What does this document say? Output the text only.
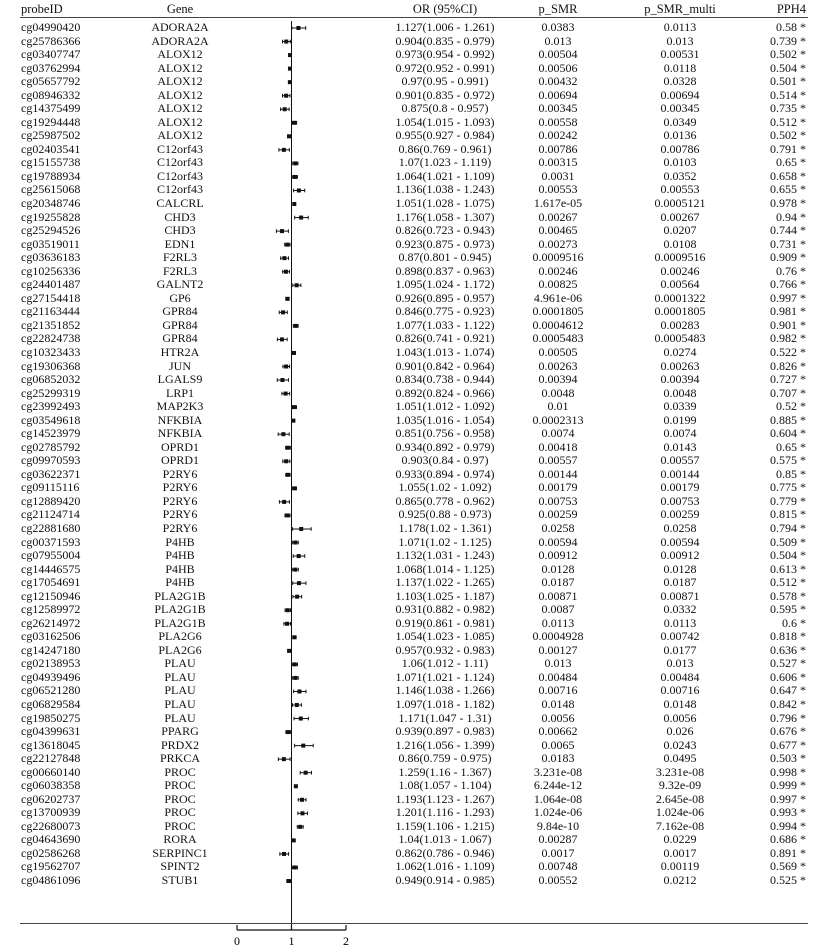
probeID	Gene	OR (95%CI)	p_SMR	p_SMR_multi	PPH4
cg04990420	ADORA2A	1.127(1.006 - 1.261)	0.0383	0.0113	0.58 *
cg25786366	ADORA2A	0.904(0.835 - 0.979)	0.013	0.013	0.739 *
cg03407747	ALOX12	0.973(0.954 - 0.992)	0.00504	0.00531	0.502 *
cg03762994	ALOX12	0.972(0.952 - 0.991)	0.00506	0.0118	0.504 *
cg05657792	ALOX12	0.97(0.95 - 0.991)	0.00432	0.0328	0.501 *
cg08946332	ALOX12	0.901(0.835 - 0.972)	0.00694	0.00694	0.514 *
cg14375499	ALOX12	0.875(0.8 - 0.957)	0.00345	0.00345	0.735 *
cg19294448	ALOX12	1.054(1.015 - 1.093)	0.00558	0.0349	0.512 *
cg25987502	ALOX12	0.955(0.927 - 0.984)	0.00242	0.0136	0.502 *
cg02403541	C12orf43	0.86(0.769 - 0.961)	0.00786	0.00786	0.791 *
cg15155738	C12orf43	1.07(1.023 - 1.119)	0.00315	0.0103	0.65 *
cg19788934	C12orf43	1.064(1.021 - 1.109)	0.0031	0.0352	0.658 *
cg25615068	C12orf43	1.136(1.038 - 1.243)	0.00553	0.00553	0.655 *
cg20348746	CALCRL	1.051(1.028 - 1.075)	1.617e-05	0.0005121	0.978 *
cg19255828	CHD3	1.176(1.058 - 1.307)	0.00267	0.00267	0.94 *
cg25294526	CHD3	0.826(0.723 - 0.943)	0.00465	0.0207	0.744 *
cg03519011	EDN1	0.923(0.875 - 0.973)	0.00273	0.0108	0.731 *
cg03636183	F2RL3	0.87(0.801 - 0.945)	0.0009516	0.0009516	0.909 *
cg10256336	F2RL3	0.898(0.837 - 0.963)	0.00246	0.00246	0.76 *
cg24401487	GALNT2	1.095(1.024 - 1.172)	0.00825	0.00564	0.766 *
cg27154418	GP6	0.926(0.895 - 0.957)	4.961e-06	0.0001322	0.997 *
cg21163444	GPR84	0.846(0.775 - 0.923)	0.0001805	0.0001805	0.981 *
cg21351852	GPR84	1.077(1.033 - 1.122)	0.0004612	0.00283	0.901 *
cg22824738	GPR84	0.826(0.741 - 0.921)	0.0005483	0.0005483	0.982 *
cg10323433	HTR2A	1.043(1.013 - 1.074)	0.00505	0.0274	0.522 *
cg19306368	JUN	0.901(0.842 - 0.964)	0.00263	0.00263	0.826 *
cg06852032	LGALS9	0.834(0.738 - 0.944)	0.00394	0.00394	0.727 *
cg25299319	LRP1	0.892(0.824 - 0.966)	0.0048	0.0048	0.707 *
cg23992493	MAP2K3	1.051(1.012 - 1.092)	0.01	0.0339	0.52 *
cg03549618	NFKBIA	1.035(1.016 - 1.054)	0.0002313	0.0199	0.885 *
cg14523979	NFKBIA	0.851(0.756 - 0.958)	0.0074	0.0074	0.604 *
cg02785792	OPRD1	0.934(0.892 - 0.979)	0.00418	0.0143	0.65 *
cg09970593	OPRD1	0.903(0.84 - 0.97)	0.00557	0.00557	0.575 *
cg03622371	P2RY6	0.933(0.894 - 0.974)	0.00144	0.00144	0.85 *
cg09115116	P2RY6	1.055(1.02 - 1.092)	0.00179	0.00179	0.775 *
cg12889420	P2RY6	0.865(0.778 - 0.962)	0.00753	0.00753	0.779 *
cg21124714	P2RY6	0.925(0.88 - 0.973)	0.00259	0.00259	0.815 *
cg22881680	P2RY6	1.178(1.02 - 1.361)	0.0258	0.0258	0.794 *
cg00371593	P4HB	1.071(1.02 - 1.125)	0.00594	0.00594	0.509 *
cg07955004	P4HB	1.132(1.031 - 1.243)	0.00912	0.00912	0.504 *
cg14446575	P4HB	1.068(1.014 - 1.125)	0.0128	0.0128	0.613 *
cg17054691	P4HB	1.137(1.022 - 1.265)	0.0187	0.0187	0.512 *
cg12150946	PLA2G1B	1.103(1.025 - 1.187)	0.00871	0.00871	0.578 *
cg12589972	PLA2G1B	0.931(0.882 - 0.982)	0.0087	0.0332	0.595 *
cg26214972	PLA2G1B	0.919(0.861 - 0.981)	0.0113	0.0113	0.6 *
cg03162506	PLA2G6	1.054(1.023 - 1.085)	0.0004928	0.00742	0.818 *
cg14247180	PLA2G6	0.957(0.932 - 0.983)	0.00127	0.0177	0.636 *
cg02138953	PLAU	1.06(1.012 - 1.11)	0.013	0.013	0.527 *
cg04939496	PLAU	1.071(1.021 - 1.124)	0.00484	0.00484	0.606 *
cg06521280	PLAU	1.146(1.038 - 1.266)	0.00716	0.00716	0.647 *
cg06829584	PLAU	1.097(1.018 - 1.182)	0.0148	0.0148	0.842 *
cg19850275	PLAU	1.171(1.047 - 1.31)	0.0056	0.0056	0.796 *
cg04399631	PPARG	0.939(0.897 - 0.983)	0.00662	0.026	0.676 *
cg13618045	PRDX2	1.216(1.056 - 1.399)	0.0065	0.0243	0.677 *
cg22127848	PRKCA	0.86(0.759 - 0.975)	0.0183	0.0495	0.503 *
cg00660140	PROC	1.259(1.16 - 1.367)	3.231e-08	3.231e-08	0.998 *
cg06038358	PROC	1.08(1.057 - 1.104)	6.244e-12	9.32e-09	0.999 *
cg06202737	PROC	1.193(1.123 - 1.267)	1.064e-08	2.645e-08	0.997 *
cg13700939	PROC	1.201(1.116 - 1.293)	1.024e-06	1.024e-06	0.993 *
cg22680073	PROC	1.159(1.106 - 1.215)	9.84e-10	7.162e-08	0.994 *
cg04643690	RORA	1.04(1.013 - 1.067)	0.00287	0.0229	0.686 *
cg02586268	SERPINC1	0.862(0.786 - 0.946)	0.0017	0.0017	0.891 *
cg19562707	SPINT2	1.062(1.016 - 1.109)	0.00748	0.00119	0.569 *
cg04861096	STUB1	0.949(0.914 - 0.985)	0.00552	0.0212	0.525 *
0	1	2
